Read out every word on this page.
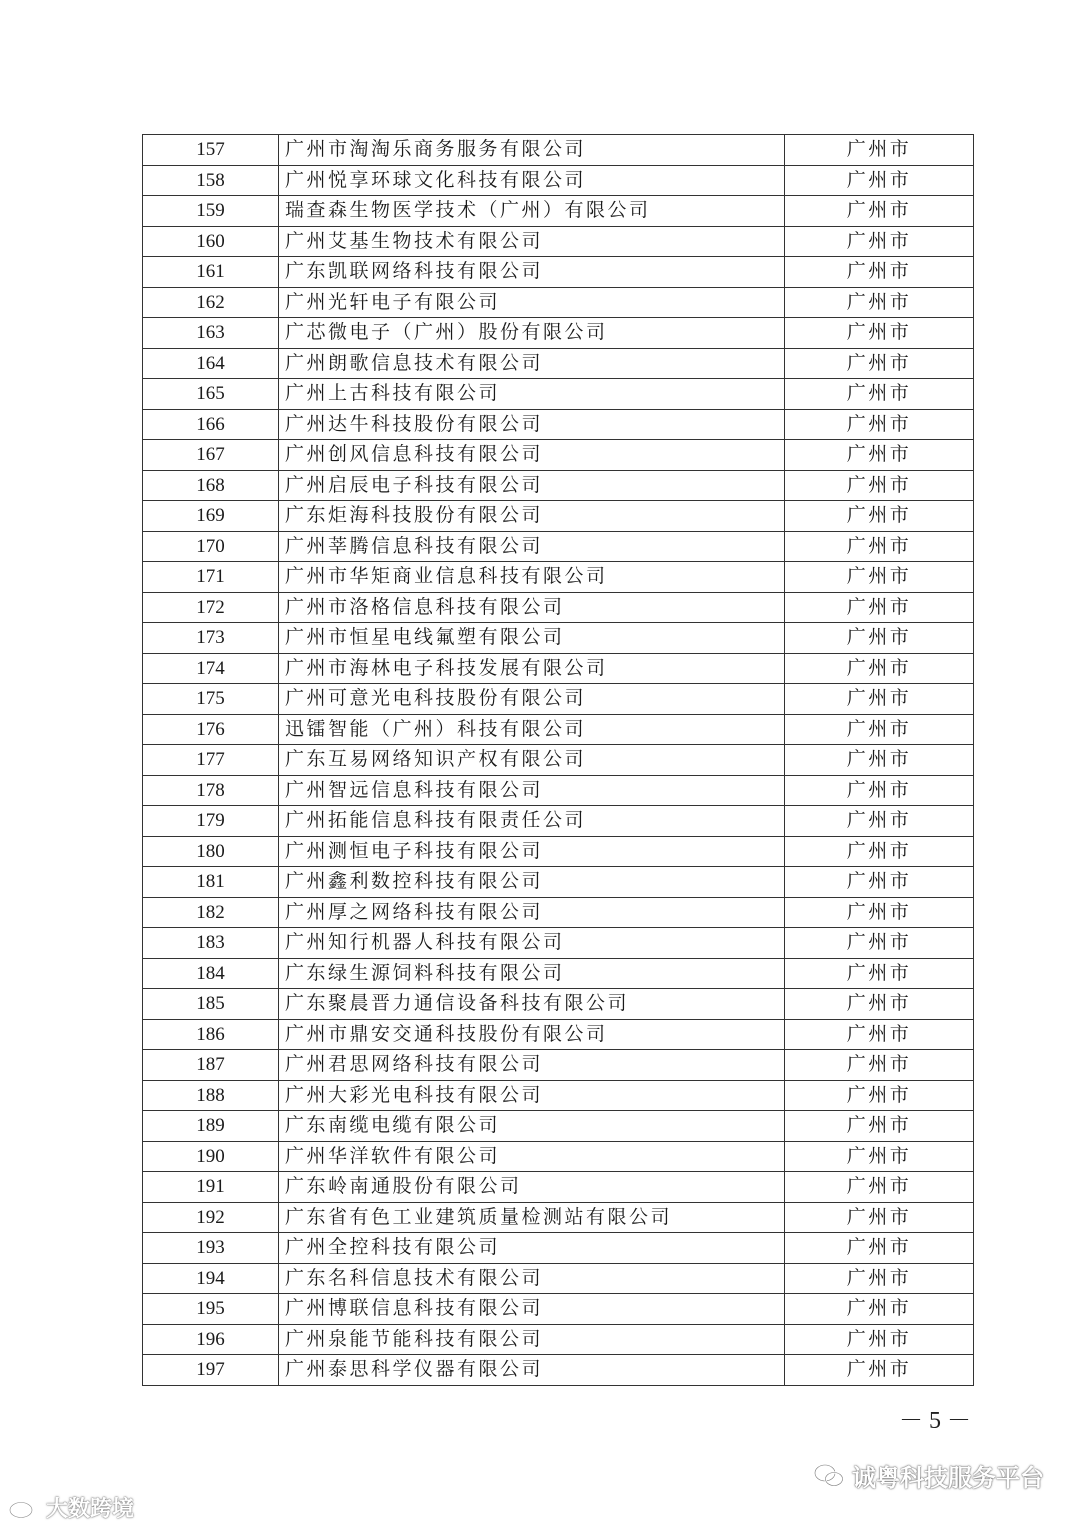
157	广州市淘淘乐商务服务有限公司	广州市
158	广州悦享环球文化科技有限公司	广州市
159	瑞查森生物医学技术（广州）有限公司	广州市
160	广州艾基生物技术有限公司	广州市
161	广东凯联网络科技有限公司	广州市
162	广州光轩电子有限公司	广州市
163	广芯微电子（广州）股份有限公司	广州市
164	广州朗歌信息技术有限公司	广州市
165	广州上古科技有限公司	广州市
166	广州达牛科技股份有限公司	广州市
167	广州创风信息科技有限公司	广州市
168	广州启辰电子科技有限公司	广州市
169	广东炬海科技股份有限公司	广州市
170	广州莘腾信息科技有限公司	广州市
171	广州市华矩商业信息科技有限公司	广州市
172	广州市洛格信息科技有限公司	广州市
173	广州市恒星电线氟塑有限公司	广州市
174	广州市海林电子科技发展有限公司	广州市
175	广州可意光电科技股份有限公司	广州市
176	迅镭智能（广州）科技有限公司	广州市
177	广东互易网络知识产权有限公司	广州市
178	广州智远信息科技有限公司	广州市
179	广州拓能信息科技有限责任公司	广州市
180	广州测恒电子科技有限公司	广州市
181	广州鑫利数控科技有限公司	广州市
182	广州厚之网络科技有限公司	广州市
183	广州知行机器人科技有限公司	广州市
184	广东绿生源饲料科技有限公司	广州市
185	广东聚晨晋力通信设备科技有限公司	广州市
186	广州市鼎安交通科技股份有限公司	广州市
187	广州君思网络科技有限公司	广州市
188	广州大彩光电科技有限公司	广州市
189	广东南缆电缆有限公司	广州市
190	广州华洋软件有限公司	广州市
191	广东岭南通股份有限公司	广州市
192	广东省有色工业建筑质量检测站有限公司	广州市
193	广州全控科技有限公司	广州市
194	广东名科信息技术有限公司	广州市
195	广州博联信息科技有限公司	广州市
196	广州泉能节能科技有限公司	广州市
197	广州泰思科学仪器有限公司	广州市
－ 5 －
大数跨境
诚粤科技服务平台
